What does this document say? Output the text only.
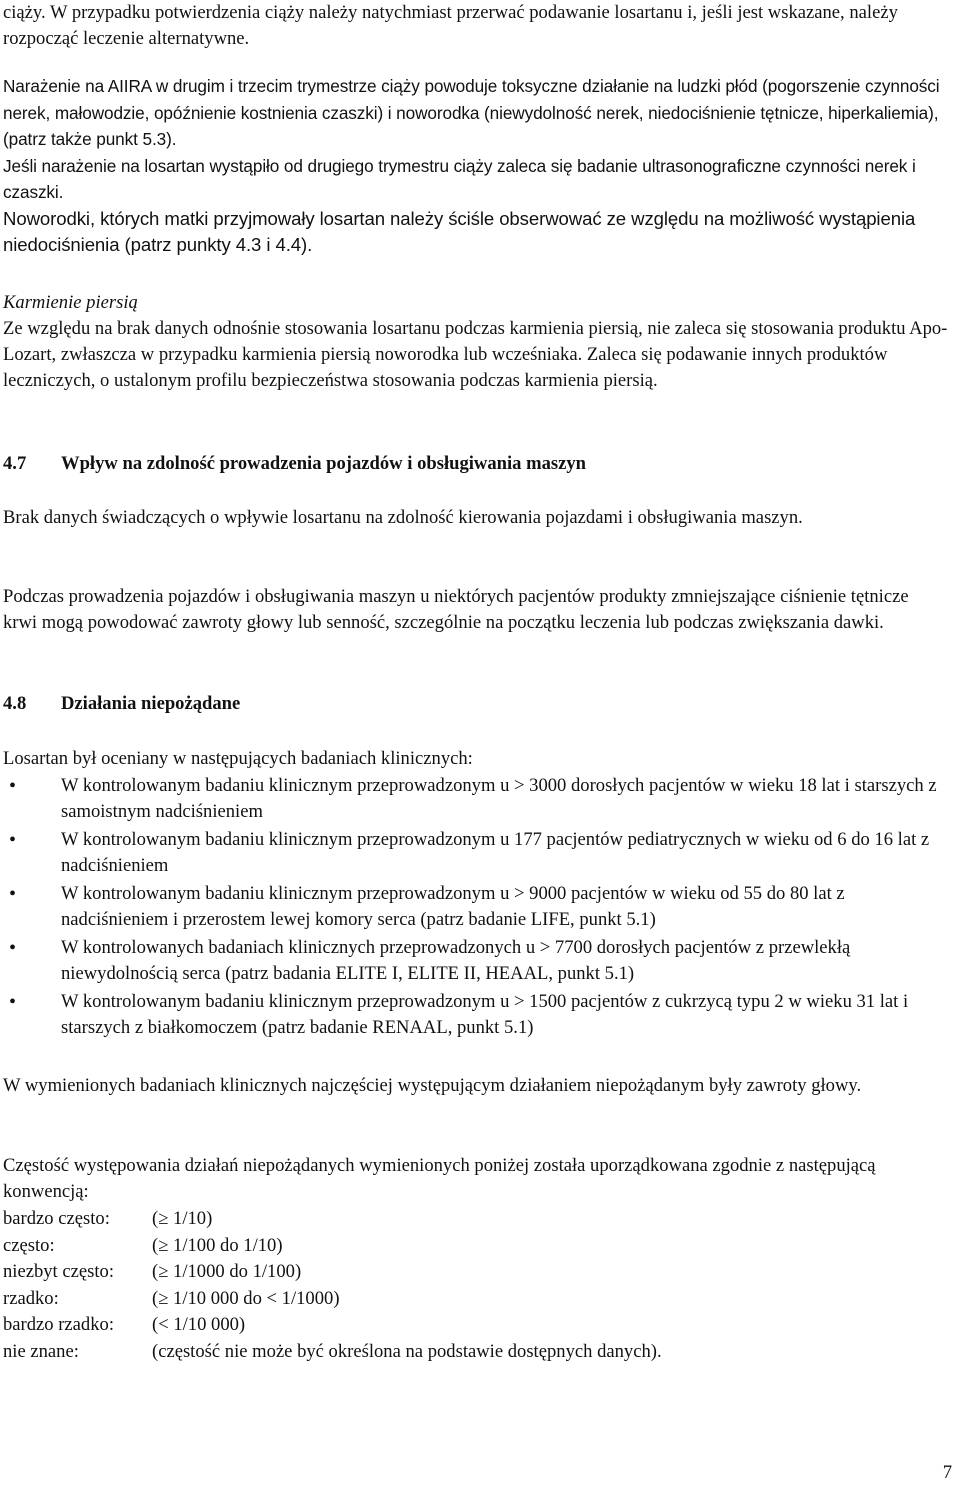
ciąży. W przypadku potwierdzenia ciąży należy natychmiast przerwać podawanie losartanu i, jeśli jest wskazane, należy rozpocząć leczenie alternatywne.

Narażenie na AIIRA w drugim i trzecim trymestrze ciąży powoduje toksyczne działanie na ludzki płód (pogorszenie czynności nerek, małowodzie, opóźnienie kostnienia czaszki) i noworodka (niewydolność nerek, niedociśnienie tętnicze, hiperkaliemia), (patrz także punkt 5.3).

Jeśli narażenie na losartan wystąpiło od drugiego trymestru ciąży zaleca się badanie ultrasonograficzne czynności nerek i czaszki.

Noworodki, których matki przyjmowały losartan należy ściśle obserwować ze względu na możliwość wystąpienia niedociśnienia (patrz punkty 4.3 i 4.4).

Karmienie piersią

Ze względu na brak danych odnośnie stosowania losartanu podczas karmienia piersią, nie zaleca się stosowania produktu Apo-Lozart, zwłaszcza w przypadku karmienia piersią noworodka lub wcześniaka. Zaleca się podawanie innych produktów leczniczych, o ustalonym profilu bezpieczeństwa stosowania podczas karmienia piersią.

4.7 Wpływ na zdolność prowadzenia pojazdów i obsługiwania maszyn

Brak danych świadczących o wpływie losartanu na zdolność kierowania pojazdami i obsługiwania maszyn.

Podczas prowadzenia pojazdów i obsługiwania maszyn u niektórych pacjentów produkty zmniejszające ciśnienie tętnicze krwi mogą powodować zawroty głowy lub senność, szczególnie na początku leczenia lub podczas zwiększania dawki.

4.8 Działania niepożądane

Losartan był oceniany w następujących badaniach klinicznych:

• W kontrolowanym badaniu klinicznym przeprowadzonym u > 3000 dorosłych pacjentów w wieku 18 lat i starszych z samoistnym nadciśnieniem
• W kontrolowanym badaniu klinicznym przeprowadzonym u 177 pacjentów pediatrycznych w wieku od 6 do 16 lat z nadciśnieniem
• W kontrolowanym badaniu klinicznym przeprowadzonym u > 9000 pacjentów w wieku od 55 do 80 lat z nadciśnieniem i przerostem lewej komory serca (patrz badanie LIFE, punkt 5.1)
• W kontrolowanych badaniach klinicznych przeprowadzonych u > 7700 dorosłych pacjentów z przewlekłą niewydolnością serca (patrz badania ELITE I, ELITE II, HEAAL, punkt 5.1)
• W kontrolowanym badaniu klinicznym przeprowadzonym u > 1500 pacjentów z cukrzycą typu 2 w wieku 31 lat i starszych z białkomoczem (patrz badanie RENAAL, punkt 5.1)

W wymienionych badaniach klinicznych najczęściej występującym działaniem niepożądanym były zawroty głowy.

Częstość występowania działań niepożądanych wymienionych poniżej została uporządkowana zgodnie z następującą konwencją:

bardzo często:	(≥ 1/10)
często:	(≥ 1/100 do 1/10)
niezbyt często:	(≥ 1/1000 do 1/100)
rzadko:	(≥ 1/10 000 do < 1/1000)
bardzo rzadko:	(< 1/10 000)
nie znane:	(częstość nie może być określona na podstawie dostępnych danych).
7
